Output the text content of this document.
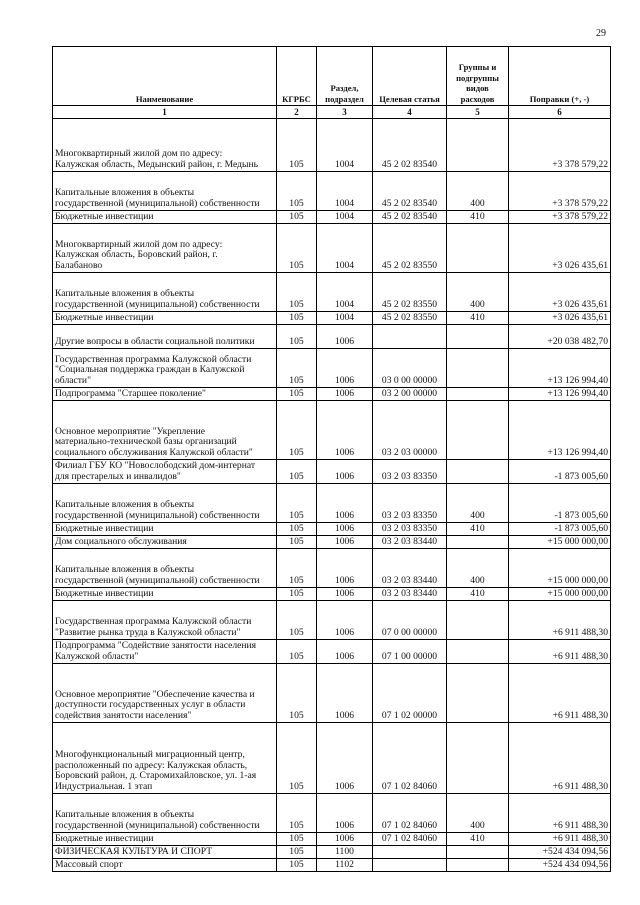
29
Наименование	КГРБС	Раздел, подраздел	Целевая статья	Группы и подгруппы видов расходов	Поправки (+, -)
1	2	3	4	5	6
Многоквартирный жилой дом по адресу:
Калужская область, Медынский район, г. Медынь	105	1004	45 2 02 83540		+3 378 579,22
Капитальные вложения в объекты
государственной (муниципальной) собственности	105	1004	45 2 02 83540	400	+3 378 579,22
Бюджетные инвестиции	105	1004	45 2 02 83540	410	+3 378 579,22
Многоквартирный жилой дом по адресу:
Калужская область, Боровский район, г.
Балабаново	105	1004	45 2 02 83550		+3 026 435,61
Капитальные вложения в объекты
государственной (муниципальной) собственности	105	1004	45 2 02 83550	400	+3 026 435,61
Бюджетные инвестиции	105	1004	45 2 02 83550	410	+3 026 435,61
Другие вопросы в области социальной политики	105	1006			+20 038 482,70
Государственная программа Калужской области
"Социальная поддержка граждан в Калужской
области"	105	1006	03 0 00 00000		+13 126 994,40
Подпрограмма "Старшее поколение"	105	1006	03 2 00 00000		+13 126 994,40
Основное мероприятие "Укрепление
материально-технической базы организаций
социального обслуживания Калужской области"	105	1006	03 2 03 00000		+13 126 994,40
Филиал ГБУ КО "Новослободский дом-интернат
для престарелых и инвалидов"	105	1006	03 2 03 83350		-1 873 005,60
Капитальные вложения в объекты
государственной (муниципальной) собственности	105	1006	03 2 03 83350	400	-1 873 005,60
Бюджетные инвестиции	105	1006	03 2 03 83350	410	-1 873 005,60
Дом социального обслуживания	105	1006	03 2 03 83440		+15 000 000,00
Капитальные вложения в объекты
государственной (муниципальной) собственности	105	1006	03 2 03 83440	400	+15 000 000,00
Бюджетные инвестиции	105	1006	03 2 03 83440	410	+15 000 000,00
Государственная программа Калужской области
"Развитие рынка труда в Калужской области"	105	1006	07 0 00 00000		+6 911 488,30
Подпрограмма "Содействие занятости населения
Калужской области"	105	1006	07 1 00 00000		+6 911 488,30
Основное мероприятие "Обеспечение качества и
доступности государственных услуг в области
содействия занятости населения"	105	1006	07 1 02 00000		+6 911 488,30
Многофункциональный миграционный центр,
расположенный по адресу: Калужская область,
Боровский район, д. Старомихайловское, ул. 1-ая
Индустриальная. 1 этап	105	1006	07 1 02 84060		+6 911 488,30
Капитальные вложения в объекты
государственной (муниципальной) собственности	105	1006	07 1 02 84060	400	+6 911 488,30
Бюджетные инвестиции	105	1006	07 1 02 84060	410	+6 911 488,30
ФИЗИЧЕСКАЯ КУЛЬТУРА И СПОРТ	105	1100			+524 434 094,56
Массовый спорт	105	1102			+524 434 094,56
